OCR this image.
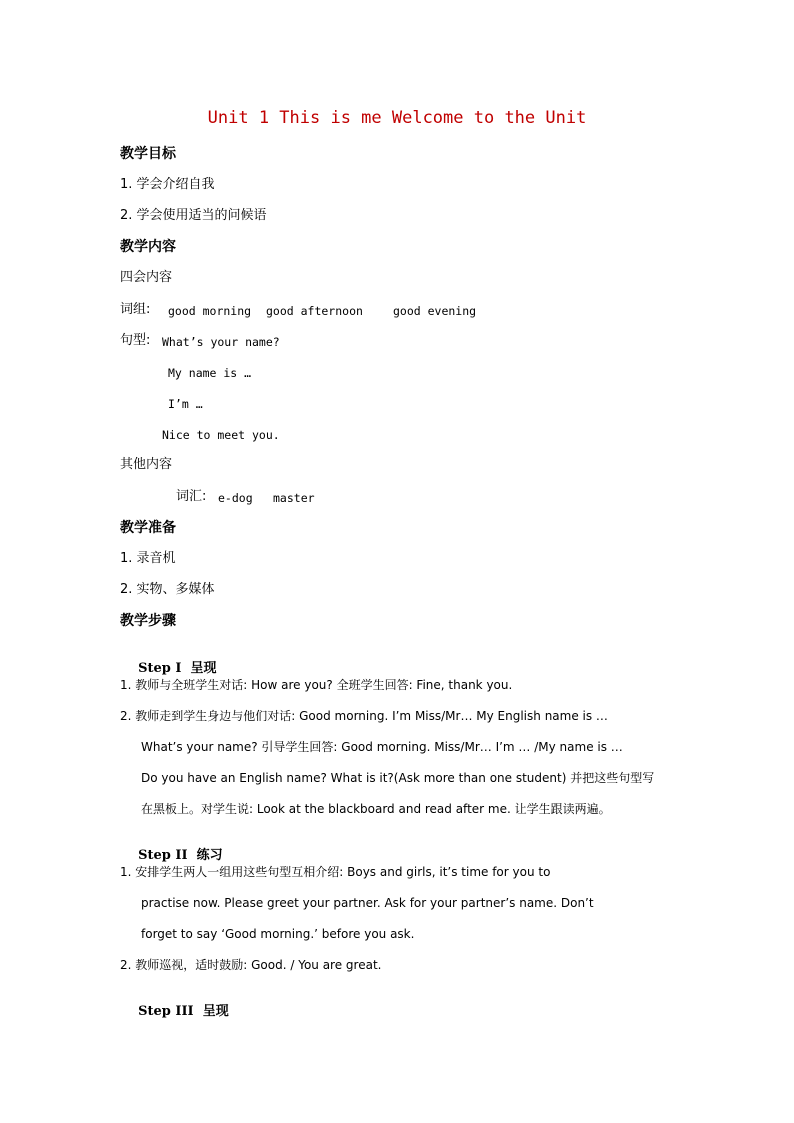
Unit 1 This is me Welcome to the Unit
教学目标
1. 学会介绍自我
2. 学会使用适当的问候语
教学内容
四会内容
词组: good morning good afternoon	good evening
句型: What’s your name?
My name is …
I’m …
Nice to meet you.
其他内容
词汇: e-dog master
教学准备
1. 录音机
2. 实物、多媒体
教学步骤

Step I 呈现

1. 教师与全班学生对话: How are you? 全班学生回答: Fine, thank you.
2. 教师走到学生身边与他们对话: Good morning. I’m Miss/Mr… My English name is …
What’s your name? 引导学生回答: Good morning. Miss/Mr… I’m … /My name is …
Do you have an English name? What is it?(Ask more than one student) 并把这些句型写
在黑板上。对学生说: Look at the blackboard and read after me. 让学生跟读两遍。

Step II 练习

1. 安排学生两人一组用这些句型互相介绍: Boys and girls, it’s time for you to
practise now. Please greet your partner. Ask for your partner’s name. Don’t
forget to say ‘Good morning.’ before you ask.
2. 教师巡视，适时鼓励: Good. / You are great.

Step III 呈现
